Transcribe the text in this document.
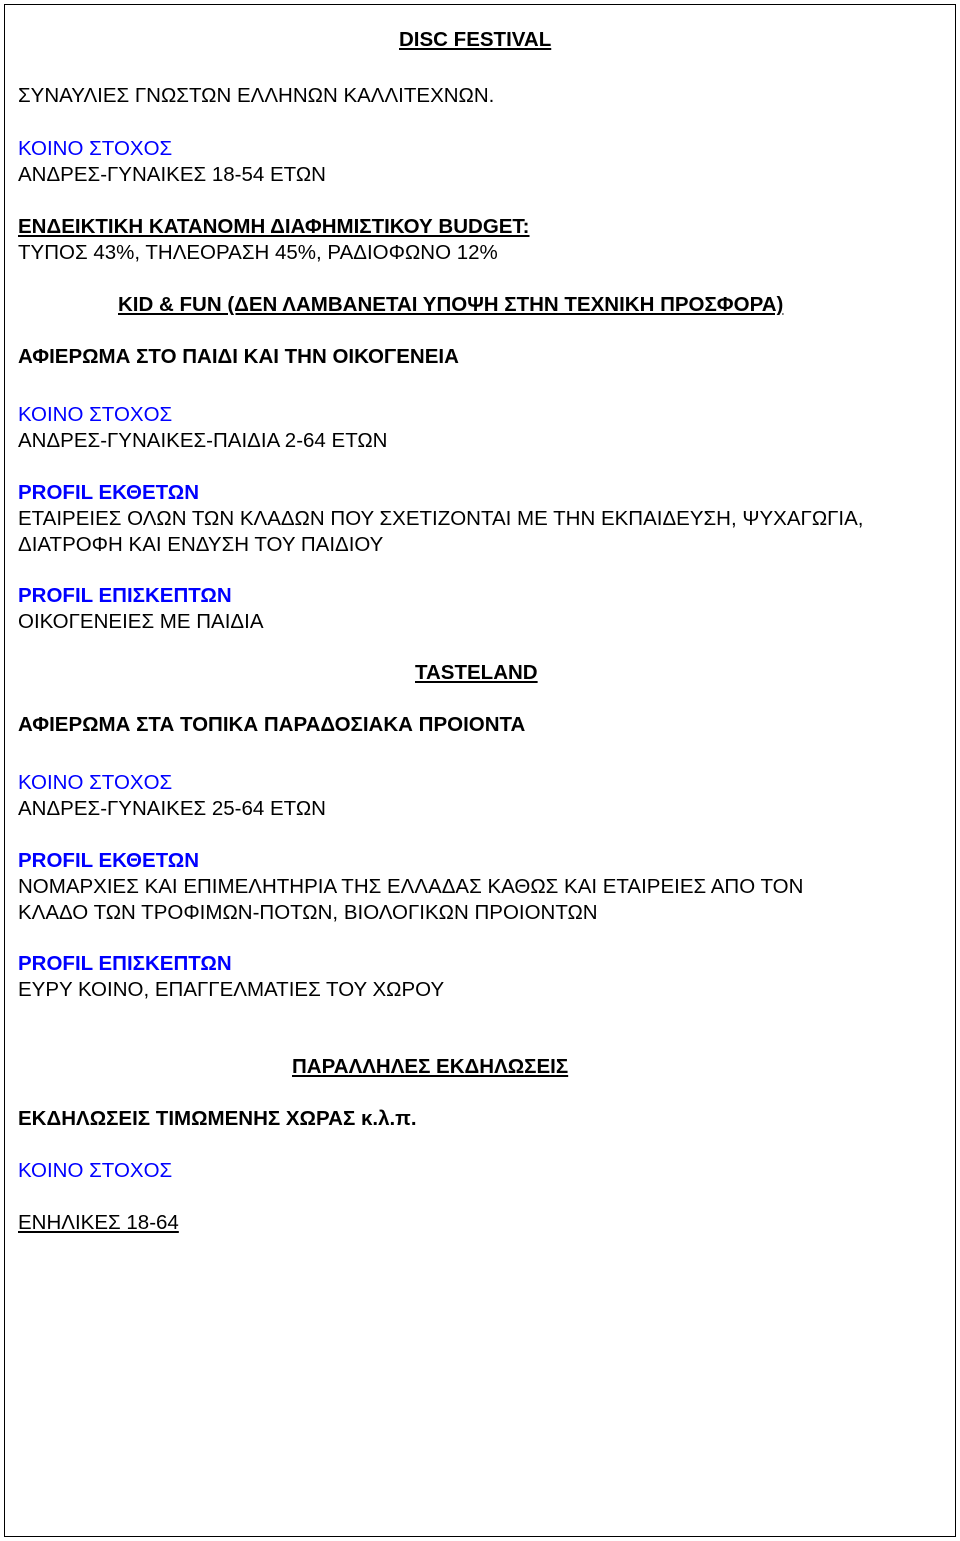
DISC FESTIVAL

ΣΥΝΑΥΛΙΕΣ ΓΝΩΣΤΩΝ ΕΛΛΗΝΩΝ ΚΑΛΛΙΤΕΧΝΩΝ.

ΚΟΙΝΟ ΣΤΟΧΟΣ

ΑΝΔΡΕΣ-ΓΥΝΑΙΚΕΣ 18-54 ΕΤΩΝ

ΕΝΔΕΙΚΤΙΚΗ ΚΑΤΑΝΟΜΗ ΔΙΑΦΗΜΙΣΤΙΚΟΥ BUDGET:

ΤΥΠΟΣ 43%, ΤΗΛΕΟΡΑΣΗ 45%, ΡΑΔΙΟΦΩΝΟ 12%

KID & FUN (ΔΕΝ ΛΑΜΒΑΝΕΤΑΙ ΥΠΟΨΗ ΣΤΗΝ ΤΕΧΝΙΚΗ ΠΡΟΣΦΟΡΑ)

ΑΦΙΕΡΩΜΑ ΣΤΟ ΠΑΙΔΙ ΚΑΙ ΤΗΝ ΟΙΚΟΓΕΝΕΙΑ

ΚΟΙΝΟ ΣΤΟΧΟΣ

ΑΝΔΡΕΣ-ΓΥΝΑΙΚΕΣ-ΠΑΙΔΙΑ 2-64 ΕΤΩΝ

PROFIL ΕΚΘΕΤΩΝ

ΕΤΑΙΡΕΙΕΣ ΟΛΩΝ ΤΩΝ ΚΛΑΔΩΝ ΠΟΥ ΣΧΕΤΙΖΟΝΤΑΙ ΜΕ ΤΗΝ ΕΚΠΑΙΔΕΥΣΗ, ΨΥΧΑΓΩΓΙΑ,

ΔΙΑΤΡΟΦΗ ΚΑΙ ΕΝΔΥΣΗ ΤΟΥ ΠΑΙΔΙΟΥ

PROFIL ΕΠΙΣΚΕΠΤΩΝ

ΟΙΚΟΓΕΝΕΙΕΣ ΜΕ ΠΑΙΔΙΑ

TASTELAND

ΑΦΙΕΡΩΜΑ ΣΤΑ ΤΟΠΙΚΑ ΠΑΡΑΔΟΣΙΑΚΑ ΠΡΟΙΟΝΤΑ

ΚΟΙΝΟ ΣΤΟΧΟΣ

ΑΝΔΡΕΣ-ΓΥΝΑΙΚΕΣ 25-64 ΕΤΩΝ

PROFIL ΕΚΘΕΤΩΝ

ΝΟΜΑΡΧΙΕΣ ΚΑΙ ΕΠΙΜΕΛΗΤΗΡΙΑ ΤΗΣ ΕΛΛΑΔΑΣ ΚΑΘΩΣ ΚΑΙ ΕΤΑΙΡΕΙΕΣ ΑΠΟ ΤΟΝ

ΚΛΑΔΟ ΤΩΝ ΤΡΟΦΙΜΩΝ-ΠΟΤΩΝ, ΒΙΟΛΟΓΙΚΩΝ ΠΡΟΙΟΝΤΩΝ

PROFIL ΕΠΙΣΚΕΠΤΩΝ

ΕΥΡΥ ΚΟΙΝΟ, ΕΠΑΓΓΕΛΜΑΤΙΕΣ ΤΟΥ ΧΩΡΟΥ

ΠΑΡΑΛΛΗΛΕΣ ΕΚΔΗΛΩΣΕΙΣ

ΕΚΔΗΛΩΣΕΙΣ ΤΙΜΩΜΕΝΗΣ ΧΩΡΑΣ κ.λ.π.

ΚΟΙΝΟ ΣΤΟΧΟΣ

ΕΝΗΛΙΚΕΣ 18-64
